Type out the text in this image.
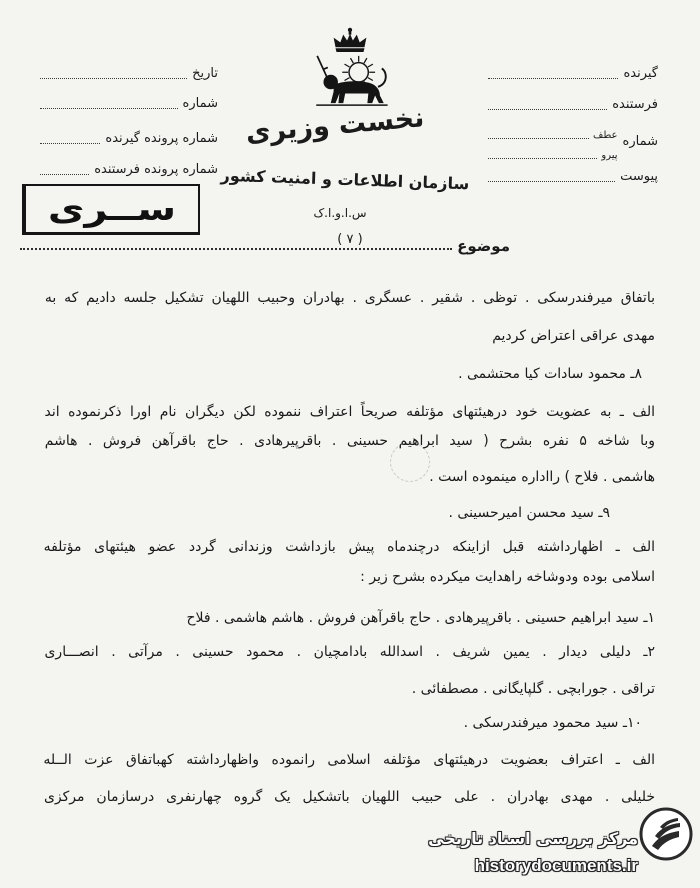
گیرنده
فرستنده
شماره
عطف
پیرو
پیوست
تاریخ
شماره
شماره پرونده گیرنده
شماره پرونده فرستنده
نخست وزیری
سازمان اطلاعات و امنیت کشور
س.ا.و.ا.ک
( ۷ )
ســری
موضوع
باتفاق میرفندرسکی . توظی . شقیر . عسگری . بهادران وحبیب اللهیان تشکیل جلسه دادیم که به
مهدی عراقی اعتراض کردیم
۸ـ محمود سادات کیا محتشمی .
الف ـ به عضویت خود درهیئتهای مؤتلفه صریحاً اعتراف ننموده لکن دیگران نام اورا ذکرنموده اند
وبا شاخه ۵ نفره بشرح ( سید ابراهیم حسینی . باقرپیرهادی . حاج باقرآهن فروش . هاشم
هاشمی . فلاح ) رااداره مینموده است .
۹ـ سید محسن امیرحسینی .
الف ـ اظهارداشته قبل ازاینکه درچندماه پیش بازداشت وزندانی گردد عضو هیئتهای مؤتلفه
اسلامی بوده ودوشاخه راهدایت میکرده بشرح زیر :
۱ـ سید ابراهیم حسینی . باقرپیرهادی . حاج باقرآهن فروش . هاشم هاشمی . فلاح
۲ـ دلیلی دیدار . یمین شریف . اسدالله بادامچیان . محمود حسینی . مرآتی . انصـــاری
تراقی . جورابچی . گلپایگانی . مصطفائی .
۱۰ـ سید محمود میرفندرسکی .
الف ـ اعتراف بعضویت درهیئتهای مؤتلفه اسلامی رانموده واظهارداشته کهباتفاق عزت الــله
خلیلی . مهدی بهادران . علی حبیب اللهیان باتشکیل یک گروه چهارنفری درسازمان مرکزی
مرکز بررسی اسناد تاریخی
historydocuments.ir
